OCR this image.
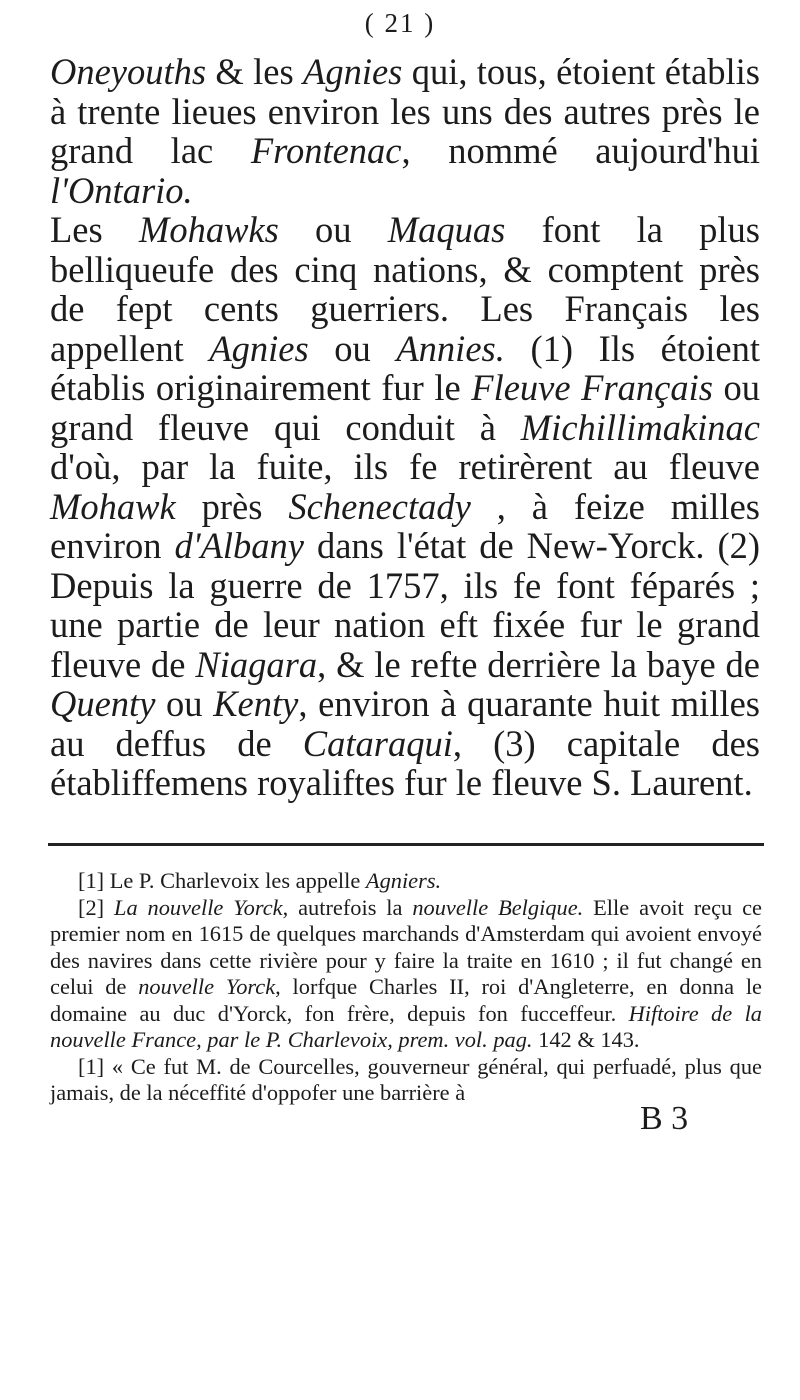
( 21 )

Oneyouths & les Agnies qui, tous, étoient établis à trente lieues environ les uns des autres près le grand lac Frontenac, nommé aujourd'hui l'Ontario.

Les Mohawks ou Maquas font la plus belliqueufe des cinq nations, & comptent près de fept cents guerriers. Les Français les appellent Agnies ou Annies. (1) Ils étoient établis originairement fur le Fleuve Français ou grand fleuve qui conduit à Michillimakinac d'où, par la fuite, ils fe retirèrent au fleuve Mohawk près Schenectady , à feize milles environ d'Albany dans l'état de New-Yorck. (2) Depuis la guerre de 1757, ils fe font féparés ; une partie de leur nation eft fixée fur le grand fleuve de Niagara, & le refte derrière la baye de Quenty ou Kenty, environ à quarante huit milles au deffus de Cataraqui, (3) capitale des établiffemens royaliftes fur le fleuve S. Laurent.

[1] Le P. Charlevoix les appelle Agniers.

[2] La nouvelle Yorck, autrefois la nouvelle Belgique. Elle avoit reçu ce premier nom en 1615 de quelques marchands d'Amsterdam qui avoient envoyé des navires dans cette rivière pour y faire la traite en 1610 ; il fut changé en celui de nouvelle Yorck, lorfque Charles II, roi d'Angleterre, en donna le domaine au duc d'Yorck, fon frère, depuis fon fucceffeur. Hiftoire de la nouvelle France, par le P. Charlevoix, prem. vol. pag. 142 & 143.

[1] « Ce fut M. de Courcelles, gouverneur général, qui perfuadé, plus que jamais, de la néceffité d'oppofer une barrière à

B 3
